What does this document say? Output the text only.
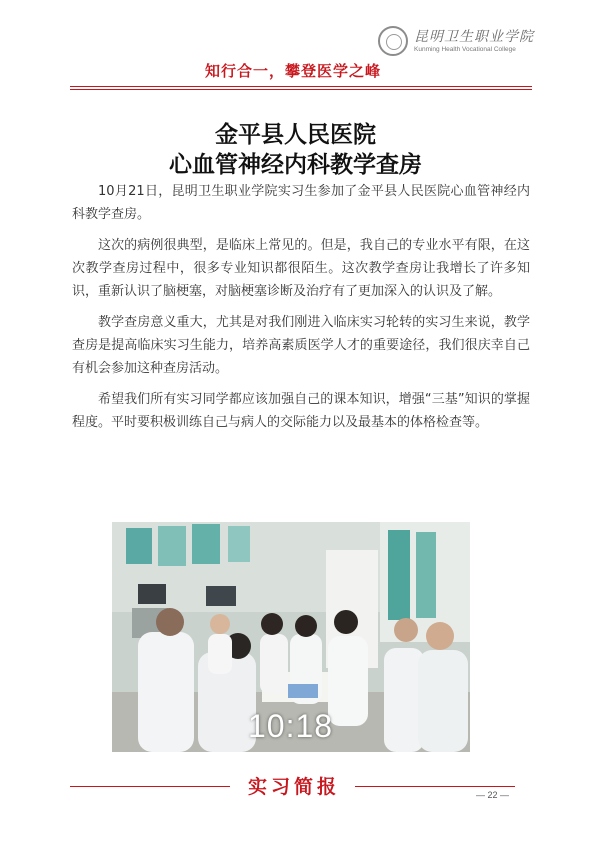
昆明卫生职业学院
Kunming Health Vocational College
知行合一，攀登医学之峰
金平县人民医院
心血管神经内科教学查房

10月21日，昆明卫生职业学院实习生参加了金平县人民医院心血管神经内科教学查房。

这次的病例很典型，是临床上常见的。但是，我自己的专业水平有限，在这次教学查房过程中，很多专业知识都很陌生。这次教学查房让我增长了许多知识，重新认识了脑梗塞，对脑梗塞诊断及治疗有了更加深入的认识及了解。

教学查房意义重大，尤其是对我们刚进入临床实习轮转的实习生来说，教学查房是提高临床实习生能力，培养高素质医学人才的重要途径，我们很庆幸自己有机会参加这种查房活动。

希望我们所有实习同学都应该加强自己的课本知识，增强“三基”知识的掌握程度。平时要积极训练自己与病人的交际能力以及最基本的体格检查等。

10:18
实习简报	— 22 —
